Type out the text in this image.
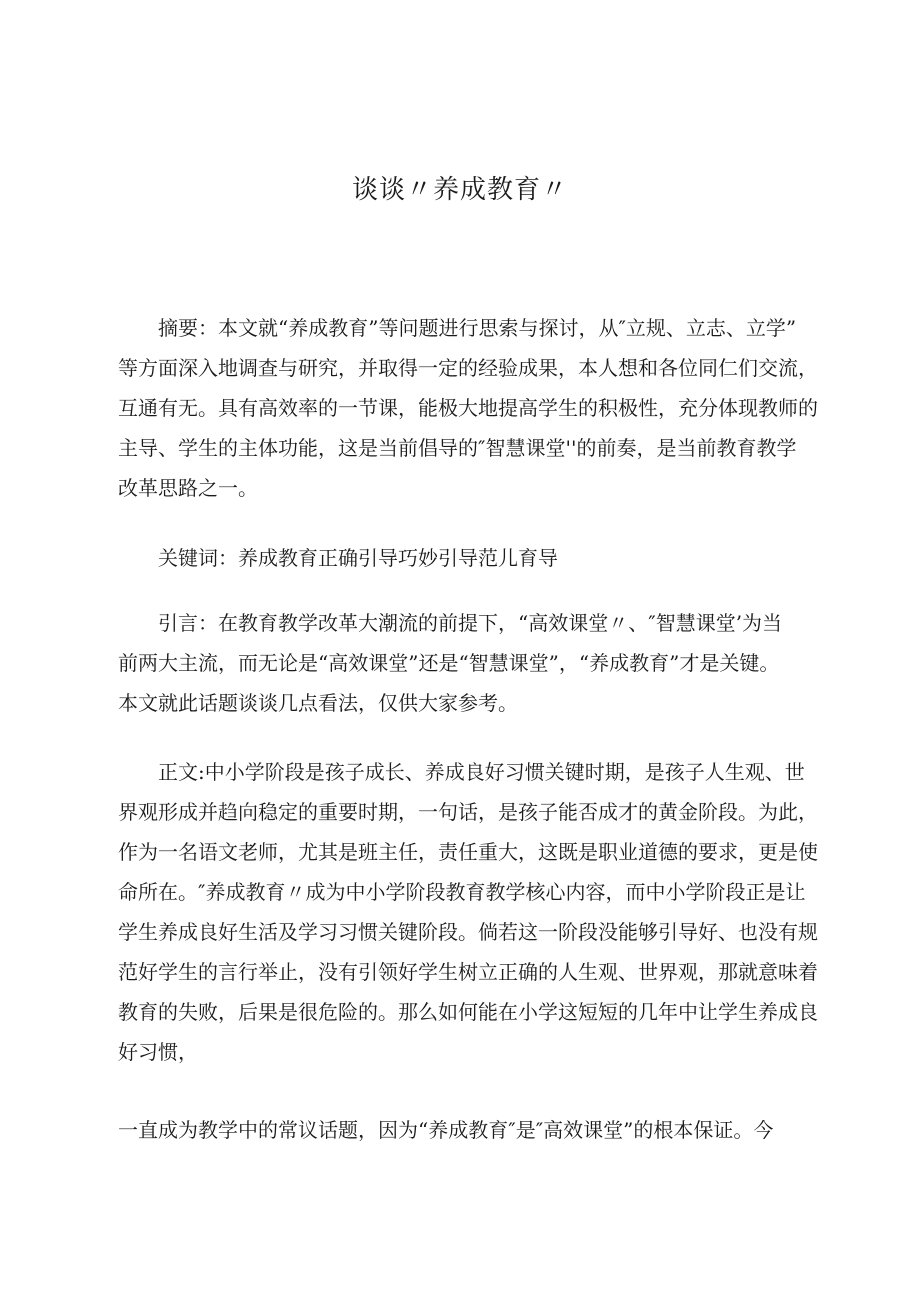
谈谈〃养成教育〃

摘要：本文就“养成教育”等问题进行思索与探讨，从″立规、立志、立学”
等方面深入地调查与研究，并取得一定的经验成果，本人想和各位同仁们交流，
互通有无。具有高效率的一节课，能极大地提高学生的积极性，充分体现教师的
主导、学生的主体功能，这是当前倡导的″智慧课堂''的前奏，是当前教育教学
改革思路之一。

关键词：养成教育正确引导巧妙引导范儿育导

引言：在教育教学改革大潮流的前提下，“高效课堂〃、″智慧课堂’为当
前两大主流，而无论是“高效课堂”还是“智慧课堂”，“养成教育”才是关键。
本文就此话题谈谈几点看法，仅供大家参考。

正文:中小学阶段是孩子成长、养成良好习惯关键时期，是孩子人生观、世
界观形成并趋向稳定的重要时期，一句话，是孩子能否成才的黄金阶段。为此，
作为一名语文老师，尤其是班主任，责任重大，这既是职业道德的要求，更是使
命所在。″养成教育〃成为中小学阶段教育教学核心内容，而中小学阶段正是让
学生养成良好生活及学习习惯关键阶段。倘若这一阶段没能够引导好、也没有规
范好学生的言行举止，没有引领好学生树立正确的人生观、世界观，那就意味着
教育的失败，后果是很危险的。那么如何能在小学这短短的几年中让学生养成良
好习惯，

一直成为教学中的常议话题，因为“养成教育″是″高效课堂”的根本保证。今
